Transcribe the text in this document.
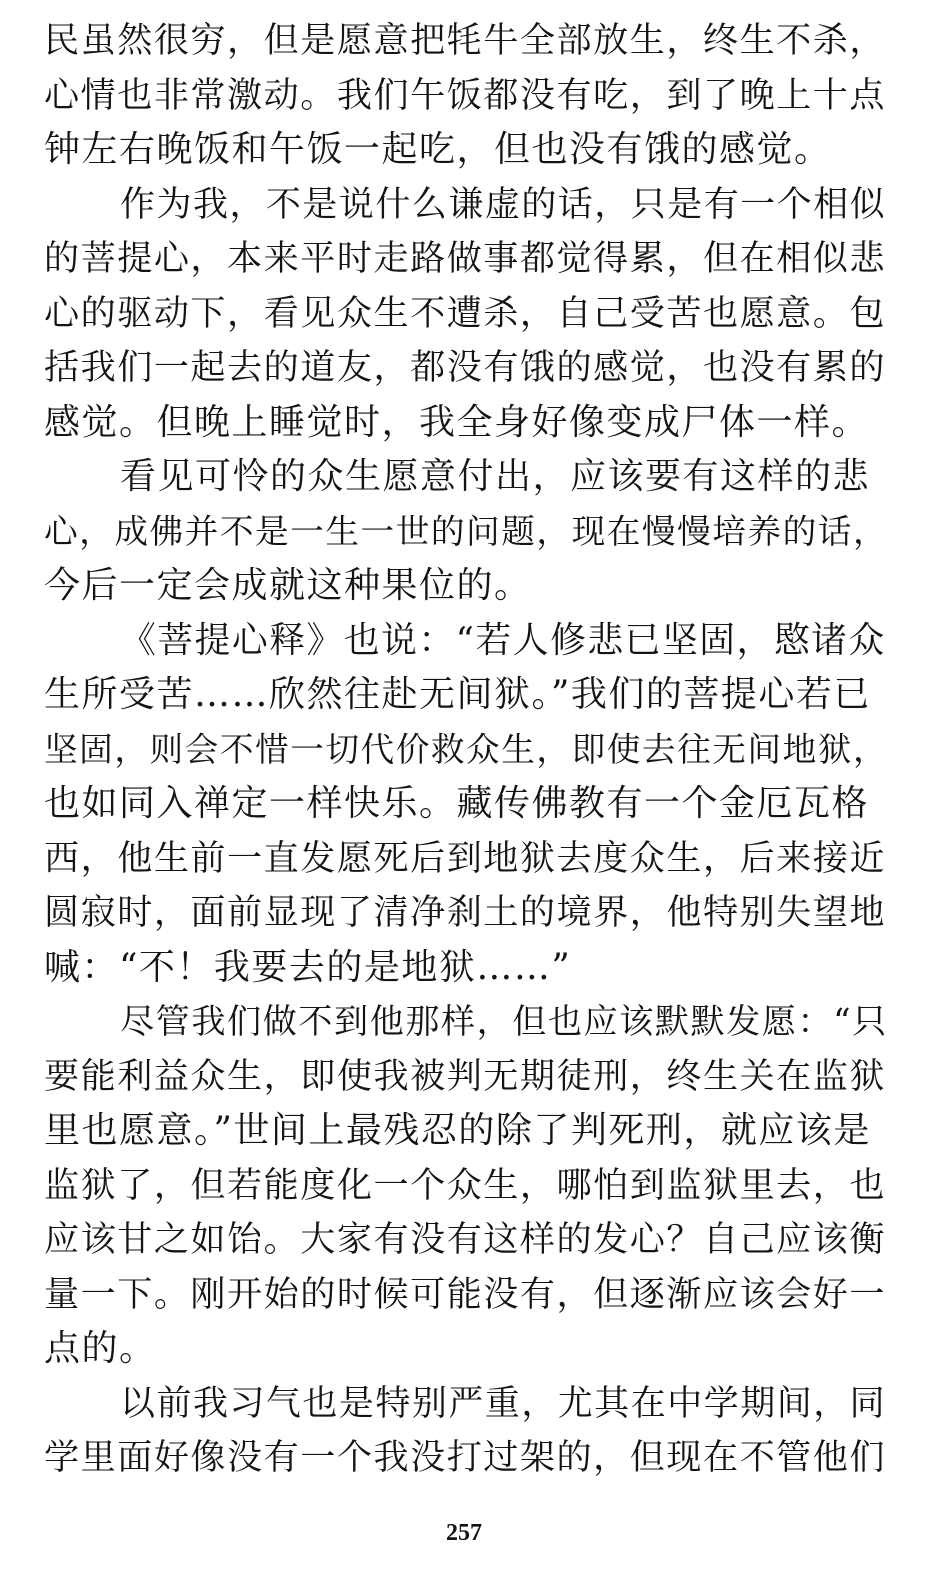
民虽然很穷，但是愿意把牦牛全部放生，终生不杀，
心情也非常激动。我们午饭都没有吃，到了晚上十点
钟左右晚饭和午饭一起吃，但也没有饿的感觉。
作为我，不是说什么谦虚的话，只是有一个相似
的菩提心，本来平时走路做事都觉得累，但在相似悲
心的驱动下，看见众生不遭杀，自己受苦也愿意。包
括我们一起去的道友，都没有饿的感觉，也没有累的
感觉。但晚上睡觉时，我全身好像变成尸体一样。
看见可怜的众生愿意付出，应该要有这样的悲
心，成佛并不是一生一世的问题，现在慢慢培养的话，
今后一定会成就这种果位的。
《菩提心释》也说：“若人修悲已坚固，愍诸众
生所受苦……欣然往赴无间狱。”我们的菩提心若已
坚固，则会不惜一切代价救众生，即使去往无间地狱，
也如同入禅定一样快乐。藏传佛教有一个金厄瓦格
西，他生前一直发愿死后到地狱去度众生，后来接近
圆寂时，面前显现了清净刹土的境界，他特别失望地
喊：“不！我要去的是地狱……”
尽管我们做不到他那样，但也应该默默发愿：“只
要能利益众生，即使我被判无期徒刑，终生关在监狱
里也愿意。”世间上最残忍的除了判死刑，就应该是
监狱了，但若能度化一个众生，哪怕到监狱里去，也
应该甘之如饴。大家有没有这样的发心？自己应该衡
量一下。刚开始的时候可能没有，但逐渐应该会好一
点的。
以前我习气也是特别严重，尤其在中学期间，同
学里面好像没有一个我没打过架的，但现在不管他们
257
